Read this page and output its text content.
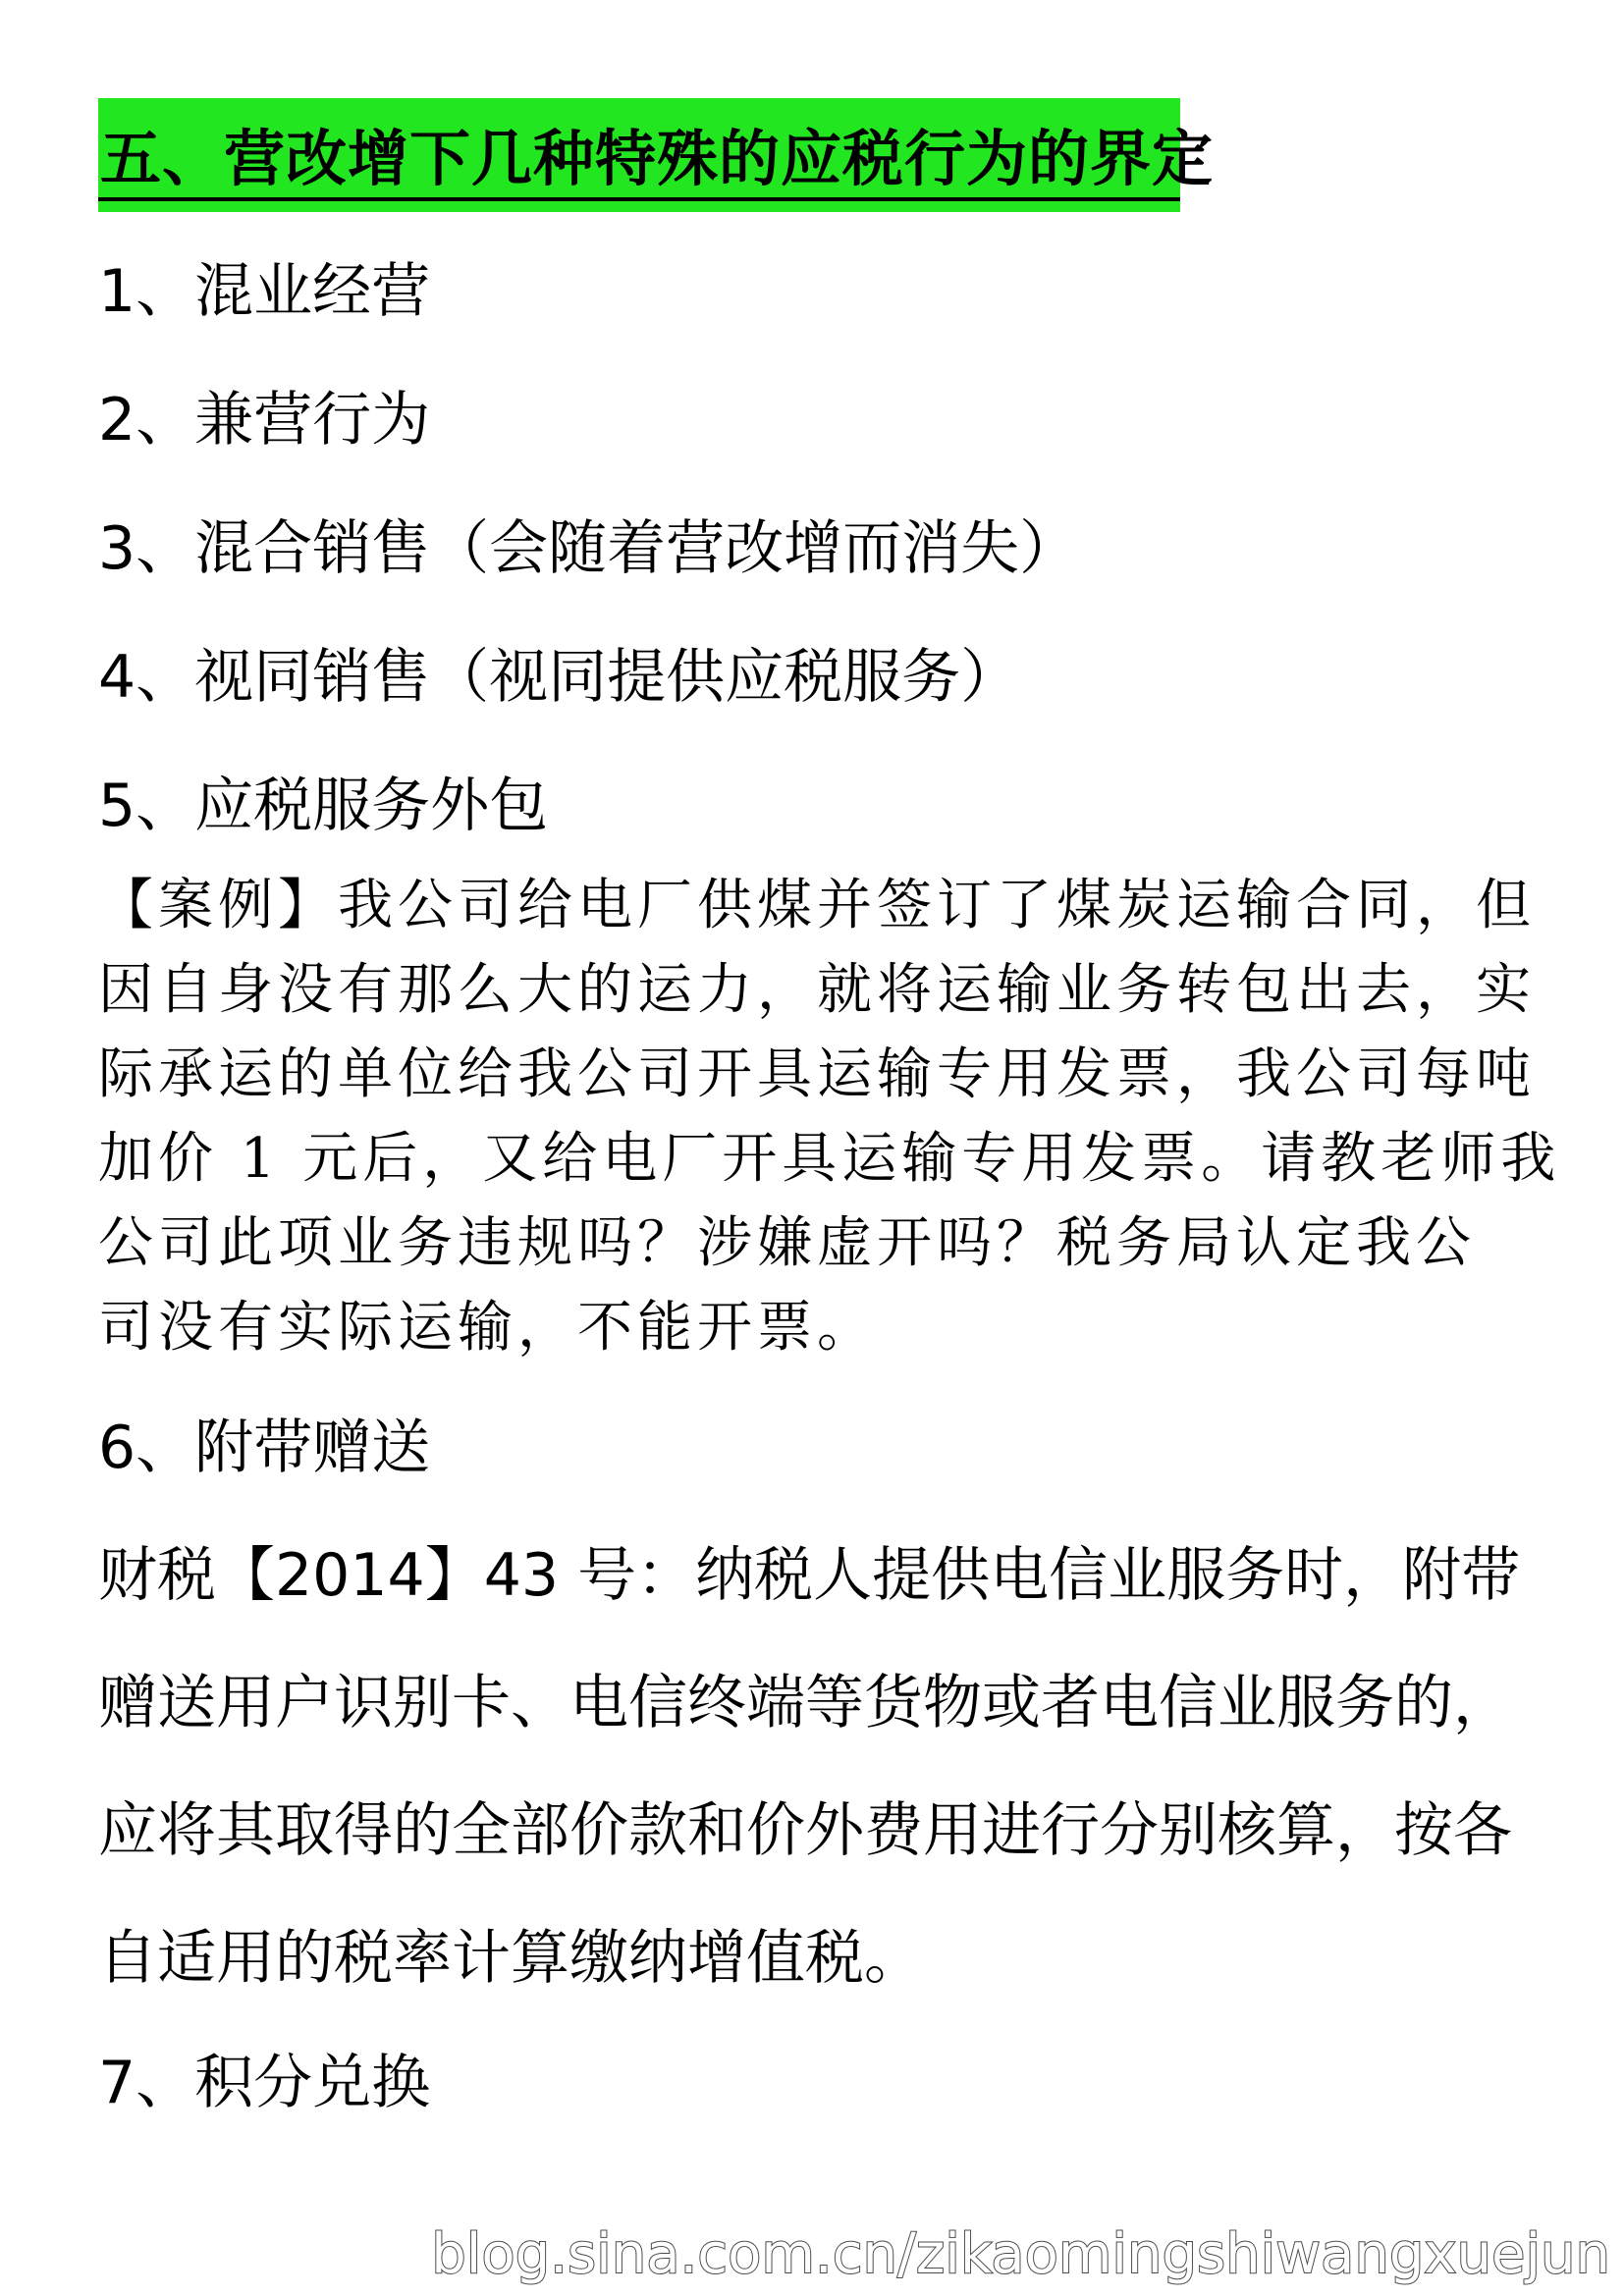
五、营改增下几种特殊的应税行为的界定
1、混业经营
2、兼营行为
3、混合销售（会随着营改增而消失）
4、视同销售（视同提供应税服务）
5、应税服务外包
【案例】我公司给电厂供煤并签订了煤炭运输合同，但
因自身没有那么大的运力，就将运输业务转包出去，实
际承运的单位给我公司开具运输专用发票，我公司每吨
加价 1 元后，又给电厂开具运输专用发票。请教老师我
公司此项业务违规吗？涉嫌虚开吗？税务局认定我公
司没有实际运输，不能开票。
6、附带赠送
财税【2014】43 号：纳税人提供电信业服务时，附带
赠送用户识别卡、电信终端等货物或者电信业服务的，
应将其取得的全部价款和价外费用进行分别核算，按各
自适用的税率计算缴纳增值税。
7、积分兑换
blog.sina.com.cn/zikaomingshiwangxuejun
